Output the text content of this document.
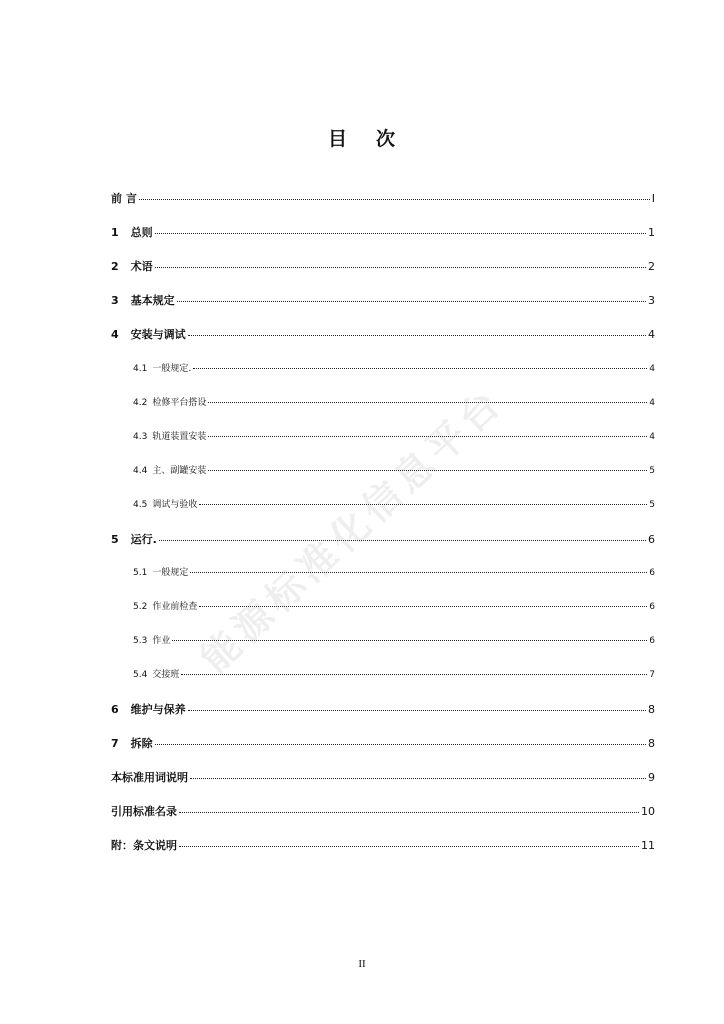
目 次
前 言	I
1 总则	1
2 术语	2
3 基本规定	3
4 安装与调试	4
4.1 一般规定.	4
4.2 检修平台搭设	4
4.3 轨道装置安装	4
4.4 主、副罐安装	5
4.5 调试与验收	5
5 运行.	6
5.1 一般规定	6
5.2 作业前检查	6
5.3 作业	6
5.4 交接班	7
6 维护与保养	8
7 拆除	8
本标准用词说明	9
引用标准名录	10
附：条文说明	11
能源标准化信息平台
II
